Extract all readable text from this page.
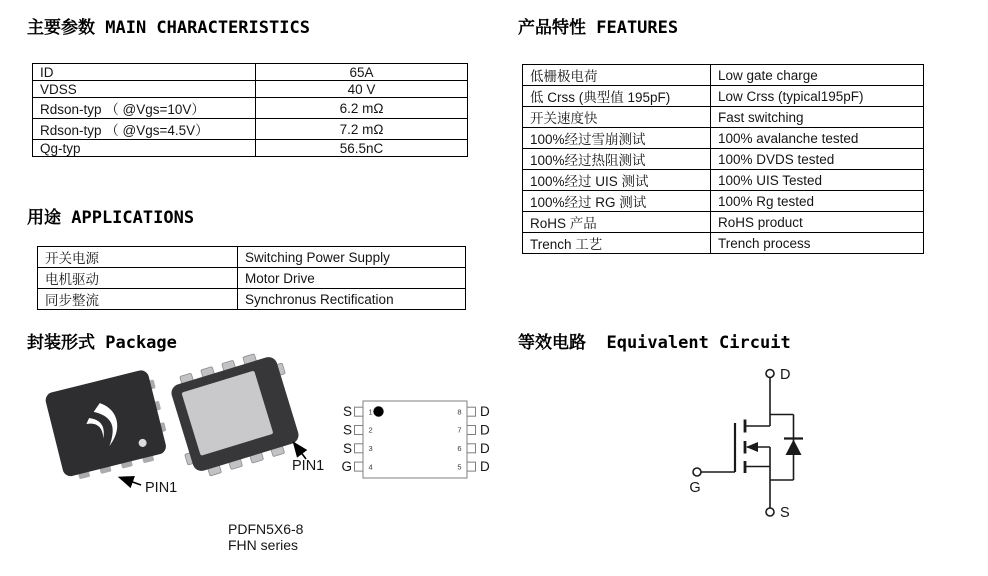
主要参数 MAIN CHARACTERISTICS	产品特性 FEATURES
用途 APPLICATIONS
封装形式 Package	等效电路  Equivalent Circuit
ID	65A
VDSS	40 V
Rdson-typ （ @Vgs=10V）	6.2 mΩ
Rdson-typ （ @Vgs=4.5V）	7.2 mΩ
Qg-typ	56.5nC
低栅极电荷	Low gate charge
低 Crss (典型值 195pF)	Low Crss (typical195pF)
开关速度快	Fast switching
100%经过雪崩测试	100% avalanche tested
100%经过热阻测试	100% DVDS tested
100%经过 UIS 测试	100% UIS Tested
100%经过 RG 测试	100% Rg tested
RoHS 产品	RoHS product
Trench 工艺	Trench process
开关电源	Switching Power Supply
电机驱动	Motor Drive
同步整流	Synchronus Rectification
PIN1
PIN1
S
S
S
G
D
D
D
D
1
2
3
4
8
7
6
5
PDFN5X6-8
FHN series
D
G
S
